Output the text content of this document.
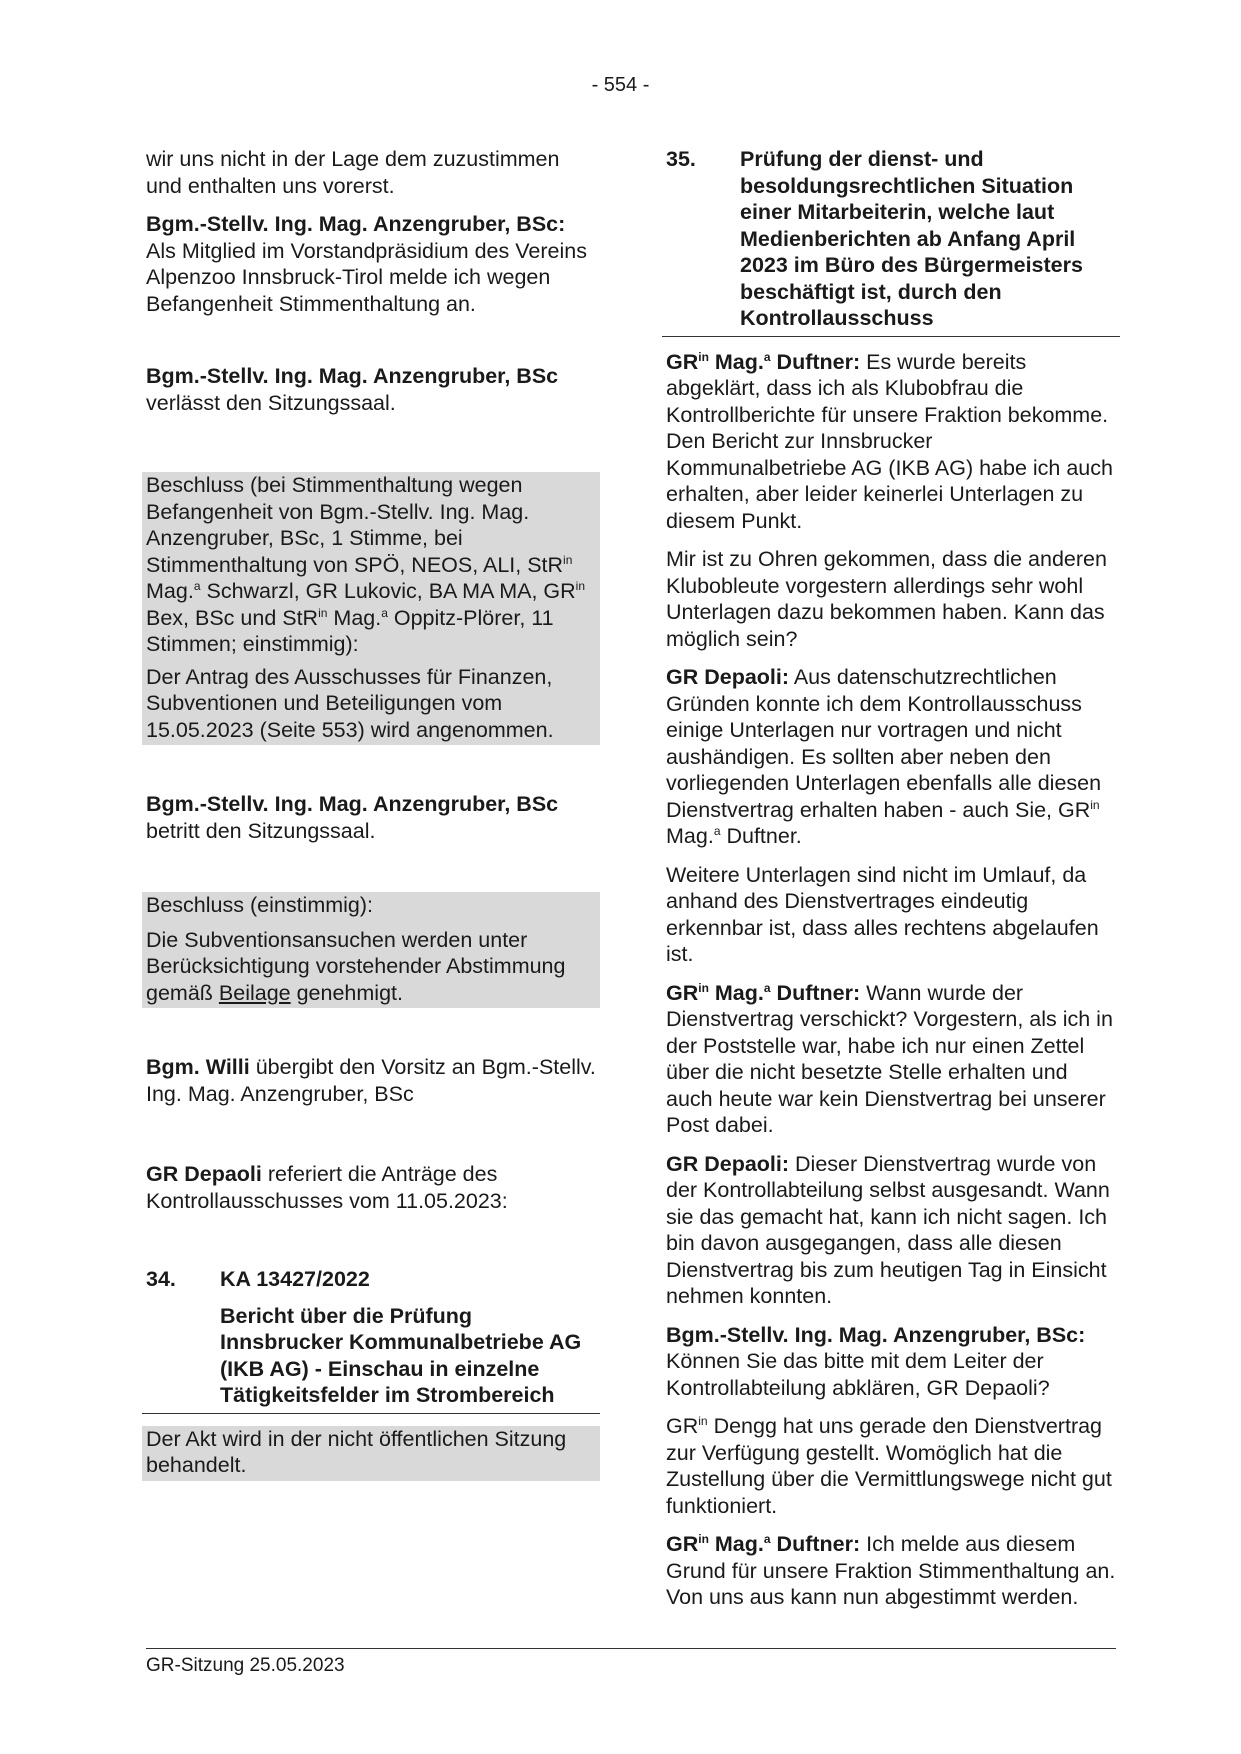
- 554 -

wir uns nicht in der Lage dem zuzustimmen und enthalten uns vorerst.

Bgm.-Stellv. Ing. Mag. Anzengruber, BSc: Als Mitglied im Vorstandpräsidium des Vereins Alpenzoo Innsbruck-Tirol melde ich wegen Befangenheit Stimmenthaltung an.

Bgm.-Stellv. Ing. Mag. Anzengruber, BSc verlässt den Sitzungssaal.

Beschluss (bei Stimmenthaltung wegen Befangenheit von Bgm.-Stellv. Ing. Mag. Anzengruber, BSc, 1 Stimme, bei Stimmenthaltung von SPÖ, NEOS, ALI, StR$^{in}$ Mag.$^a$ Schwarzl, GR Lukovic, BA MA MA, $GR^{in}$ Bex, BSc und StR$^{in}$ Mag.$^a$ Oppitz-Plörer, 11 Stimmen; einstimmig):

Der Antrag des Ausschusses für Finanzen, Subventionen und Beteiligungen vom 15.05.2023 (Seite 553) wird angenommen.

Bgm.-Stellv. Ing. Mag. Anzengruber, BSc betritt den Sitzungssaal.

Beschluss (einstimmig):

Die Subventionsansuchen werden unter Berücksichtigung vorstehender Abstimmung gemäß Beilage genehmigt.

Bgm. Willi übergibt den Vorsitz an Bgm.-Stellv. Ing. Mag. Anzengruber, BSc

GR Depaoli referiert die Anträge des Kontrollausschusses vom 11.05.2023:

34.	KA 13427/2022
Bericht über die Prüfung Innsbrucker Kommunalbetriebe AG (IKB AG) - Einschau in einzelne Tätigkeitsfelder im Strombereich

Der Akt wird in der nicht öffentlichen Sitzung behandelt.

35.	Prüfung der dienst- und besoldungsrechtlichen Situation einer Mitarbeiterin, welche laut Medienberichten ab Anfang April 2023 im Büro des Bürgermeisters beschäftigt ist, durch den Kontrollausschuss

$GR^{in}$ Mag.$^a$ Duftner: Es wurde bereits abgeklärt, dass ich als Klubobfrau die Kontrollberichte für unsere Fraktion bekomme. Den Bericht zur Innsbrucker Kommunalbetriebe AG (IKB AG) habe ich auch erhalten, aber leider keinerlei Unterlagen zu diesem Punkt.

Mir ist zu Ohren gekommen, dass die anderen Klubobleute vorgestern allerdings sehr wohl Unterlagen dazu bekommen haben. Kann das möglich sein?

GR Depaoli: Aus datenschutzrechtlichen Gründen konnte ich dem Kontrollausschuss einige Unterlagen nur vortragen und nicht aushändigen. Es sollten aber neben den vorliegenden Unterlagen ebenfalls alle diesen Dienstvertrag erhalten haben - auch Sie, $GR^{in}$ Mag.$^a$ Duftner.

Weitere Unterlagen sind nicht im Umlauf, da anhand des Dienstvertrages eindeutig erkennbar ist, dass alles rechtens abgelaufen ist.

$GR^{in}$ Mag.$^a$ Duftner: Wann wurde der Dienstvertrag verschickt? Vorgestern, als ich in der Poststelle war, habe ich nur einen Zettel über die nicht besetzte Stelle erhalten und auch heute war kein Dienstvertrag bei unserer Post dabei.

GR Depaoli: Dieser Dienstvertrag wurde von der Kontrollabteilung selbst ausgesandt. Wann sie das gemacht hat, kann ich nicht sagen. Ich bin davon ausgegangen, dass alle diesen Dienstvertrag bis zum heutigen Tag in Einsicht nehmen konnten.

Bgm.-Stellv. Ing. Mag. Anzengruber, BSc: Können Sie das bitte mit dem Leiter der Kontrollabteilung abklären, GR Depaoli?

$GR^{in}$ Dengg hat uns gerade den Dienstvertrag zur Verfügung gestellt. Womöglich hat die Zustellung über die Vermittlungswege nicht gut funktioniert.

$GR^{in}$ Mag.$^a$ Duftner: Ich melde aus diesem Grund für unsere Fraktion Stimmenthaltung an. Von uns aus kann nun abgestimmt werden.

GR-Sitzung 25.05.2023
